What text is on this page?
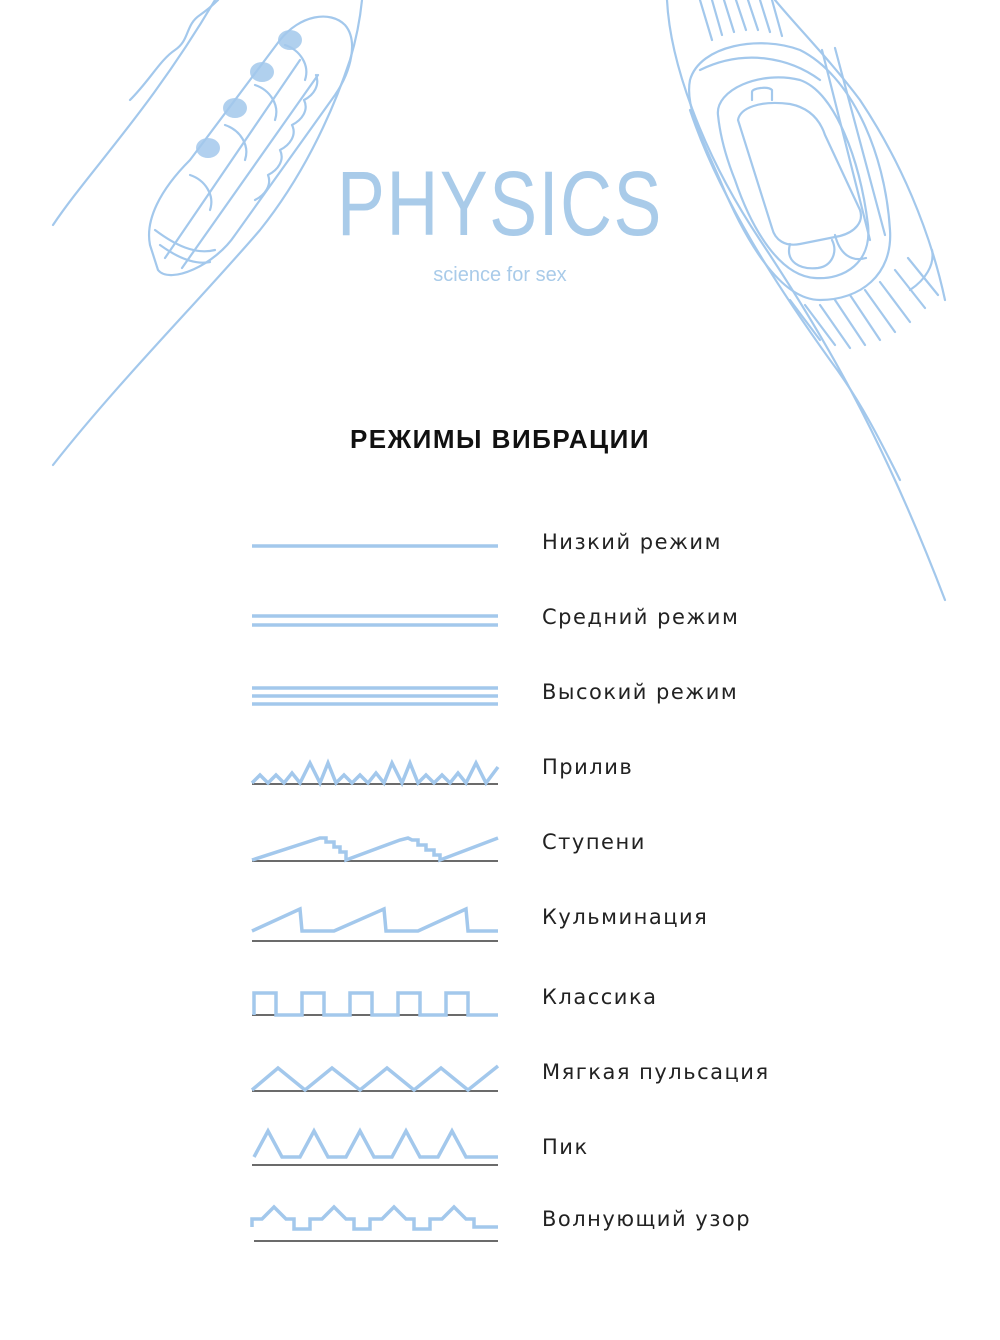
PHYSICS
science for sex
РЕЖИМЫ ВИБРАЦИИ
Низкий режим
Средний режим
Высокий режим
Прилив
Ступени
Кульминация
Классика
Мягкая пульсация
Пик
Волнующий узор
